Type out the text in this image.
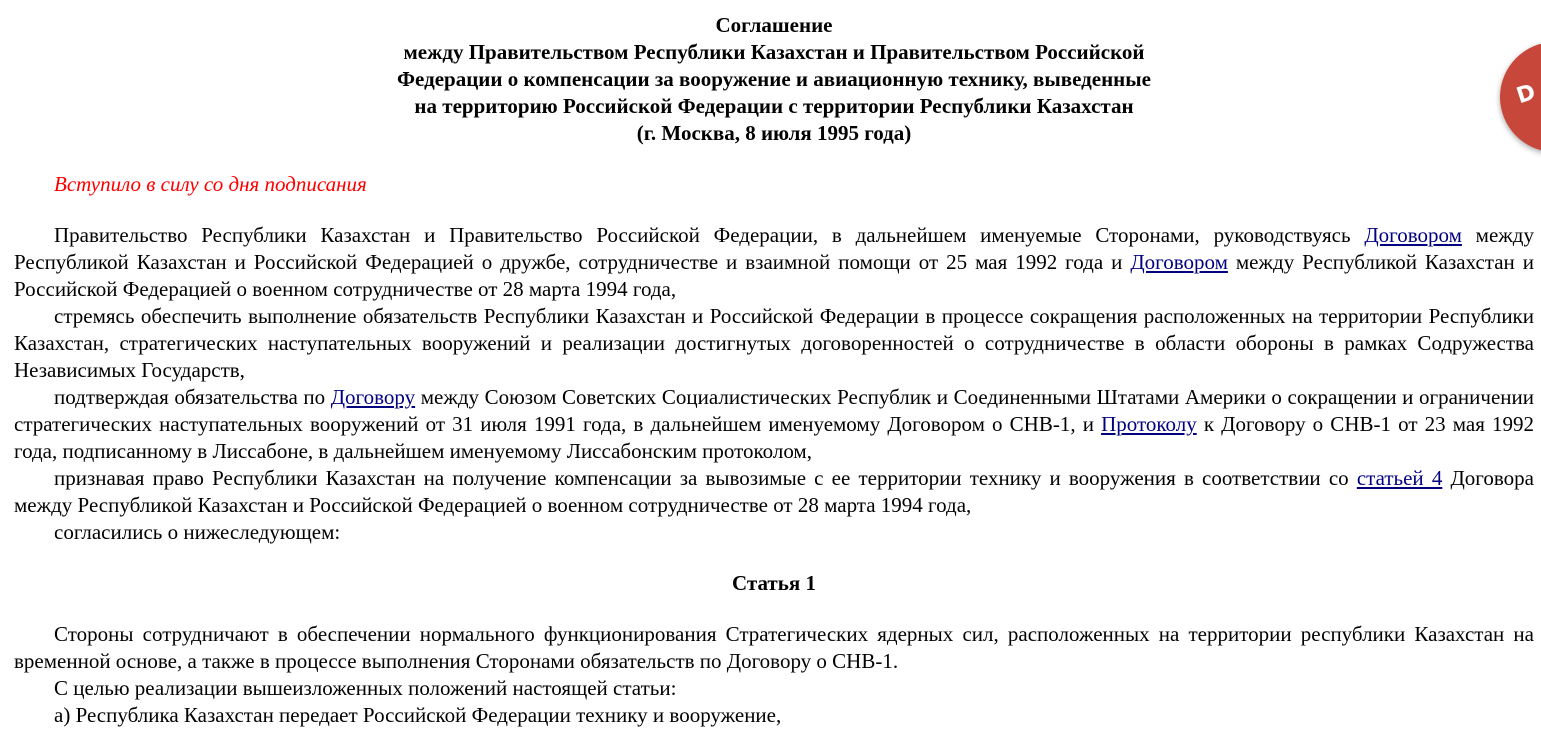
Соглашение
между Правительством Республики Казахстан и Правительством Российской
Федерации о компенсации за вооружение и авиационную технику, выведенные
на территорию Российской Федерации с территории Республики Казахстан
(г. Москва, 8 июля 1995 года)
Вступило в силу со дня подписания

Правительство Республики Казахстан и Правительство Российской Федерации, в дальнейшем именуемые Сторонами, руководствуясь Договором между Республикой Казахстан и Российской Федерацией о дружбе, сотрудничестве и взаимной помощи от 25 мая 1992 года и Договором между Республикой Казахстан и Российской Федерацией о военном сотрудничестве от 28 марта 1994 года,

стремясь обеспечить выполнение обязательств Республики Казахстан и Российской Федерации в процессе сокращения расположенных на территории Республики Казахстан, стратегических наступательных вооружений и реализации достигнутых договоренностей о сотрудничестве в области обороны в рамках Содружества Независимых Государств,

подтверждая обязательства по Договору между Союзом Советских Социалистических Республик и Соединенными Штатами Америки о сокращении и ограничении стратегических наступательных вооружений от 31 июля 1991 года, в дальнейшем именуемому Договором о СНВ-1, и Протоколу к Договору о СНВ-1 от 23 мая 1992 года, подписанному в Лиссабоне, в дальнейшем именуемому Лиссабонским протоколом,

признавая право Республики Казахстан на получение компенсации за вывозимые с ее территории технику и вооружения в соответствии со статьей 4 Договора между Республикой Казахстан и Российской Федерацией о военном сотрудничестве от 28 марта 1994 года,

согласились о нижеследующем:

Статья 1

Стороны сотрудничают в обеспечении нормального функционирования Стратегических ядерных сил, расположенных на территории республики Казахстан на временной основе, а также в процессе выполнения Сторонами обязательств по Договору о СНВ-1.

С целью реализации вышеизложенных положений настоящей статьи:

а) Республика Казахстан передает Российской Федерации технику и вооружение,

D
